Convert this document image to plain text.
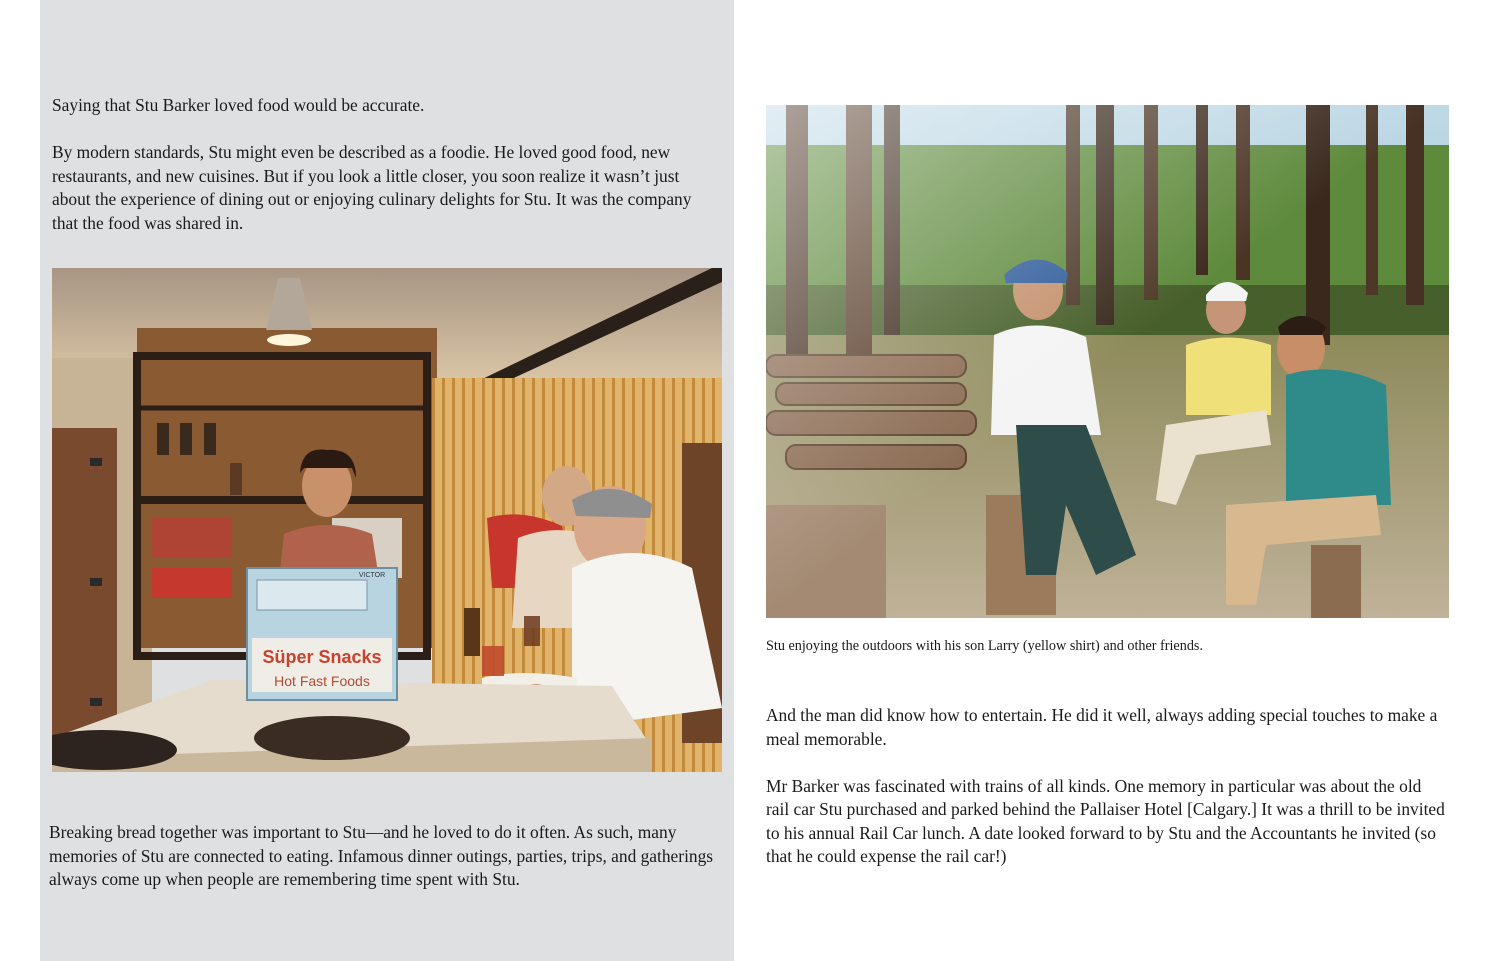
Saying that Stu Barker loved food would be accurate.

By modern standards, Stu might even be described as a foodie. He loved good food, new restaurants, and new cuisines. But if you look a little closer, you soon realize it wasn’t just about the experience of dining out or enjoying culinary delights for Stu. It was the company that the food was shared in.

Süper Snacks
Hot Fast Foods
VICTOR

Breaking bread together was important to Stu—and he loved to do it often. As such, many memories of Stu are connected to eating. Infamous dinner outings, parties, trips, and gatherings always come up when people are remembering time spent with Stu.

Stu enjoying the outdoors with his son Larry (yellow shirt) and other friends.

And the man did know how to entertain. He did it well, always adding special touches to make a meal memorable.

Mr Barker was fascinated with trains of all kinds. One memory in particular was about the old rail car Stu purchased and parked behind the Pallaiser Hotel [Calgary.] It was a thrill to be invited to his annual Rail Car lunch. A date looked forward to by Stu and the Accountants he invited (so that he could expense the rail car!)
